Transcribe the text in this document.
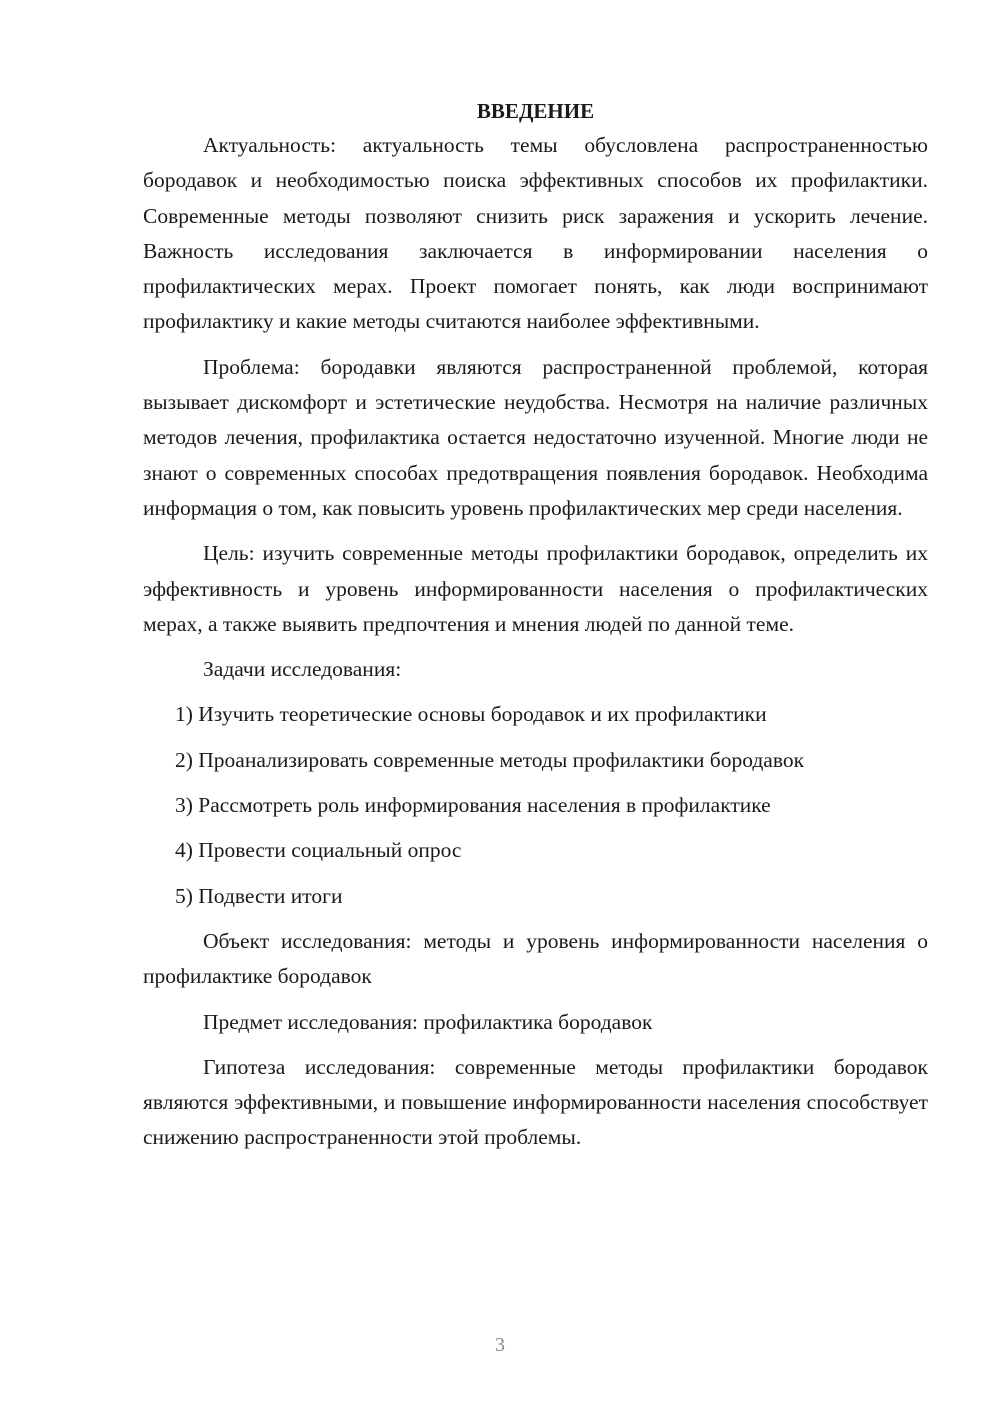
ВВЕДЕНИЕ

Актуальность: актуальность темы обусловлена распространенностью бородавок и необходимостью поиска эффективных способов их профилактики. Современные методы позволяют снизить риск заражения и ускорить лечение. Важность исследования заключается в информировании населения о профилактических мерах. Проект помогает понять, как люди воспринимают профилактику и какие методы считаются наиболее эффективными.

Проблема: бородавки являются распространенной проблемой, которая вызывает дискомфорт и эстетические неудобства. Несмотря на наличие различных методов лечения, профилактика остается недостаточно изученной. Многие люди не знают о современных способах предотвращения появления бородавок. Необходима информация о том, как повысить уровень профилактических мер среди населения.

Цель: изучить современные методы профилактики бородавок, определить их эффективность и уровень информированности населения о профилактических мерах, а также выявить предпочтения и мнения людей по данной теме.

Задачи исследования:

1) Изучить теоретические основы бородавок и их профилактики
2) Проанализировать современные методы профилактики бородавок
3) Рассмотреть роль информирования населения в профилактике
4) Провести социальный опрос
5) Подвести итоги

Объект исследования: методы и уровень информированности населения о профилактике бородавок

Предмет исследования: профилактика бородавок

Гипотеза исследования: современные методы профилактики бородавок являются эффективными, и повышение информированности населения способствует снижению распространенности этой проблемы.

3
